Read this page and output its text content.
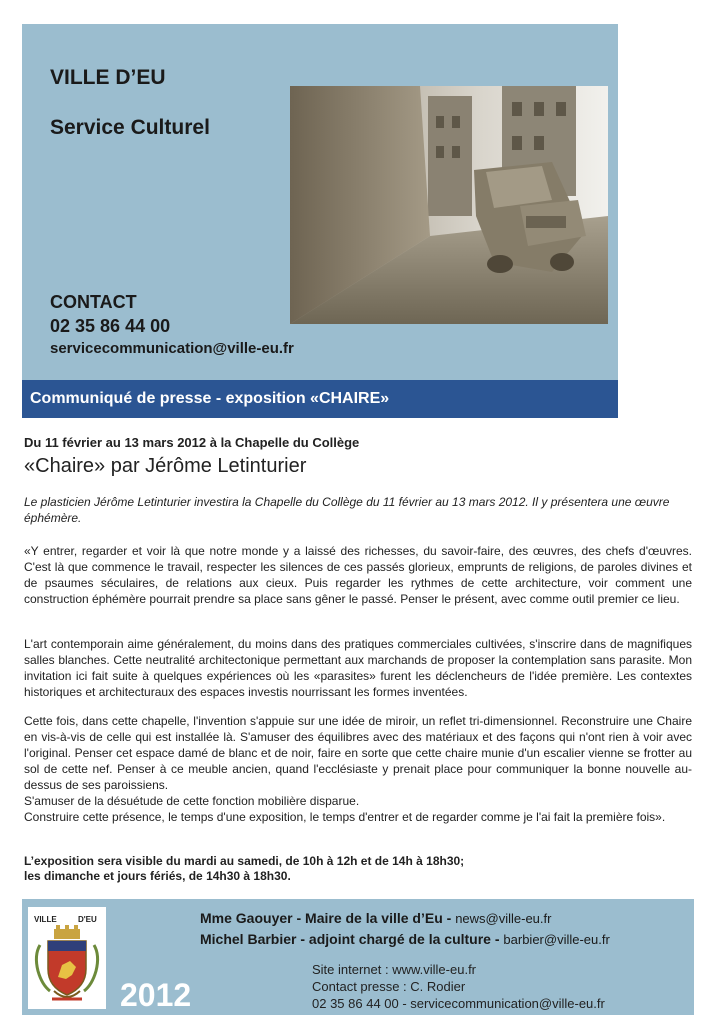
VILLE D’EU
Service Culturel
CONTACT
02 35 86 44 00
servicecommunication@ville-eu.fr
Communiqué de presse - exposition «CHAIRE»
Du 11 février au 13 mars 2012 à la Chapelle du Collège
«Chaire» par Jérôme Letinturier
Le plasticien Jérôme Letinturier investira la Chapelle du Collège du 11 février au 13 mars 2012. Il y présentera une œuvre éphémère.
«Y entrer, regarder et voir là que notre monde y a laissé des richesses, du savoir-faire, des œuvres, des chefs d'œuvres. C'est là que commence le travail, respecter les silences de ces passés glorieux, emprunts de religions, de paroles divines et de psaumes séculaires, de relations aux cieux. Puis regarder les rythmes de cette architecture, voir comment une construction éphémère pourrait prendre sa place sans gêner le passé. Penser le présent, avec comme outil premier ce lieu.
L'art contemporain aime généralement, du moins dans des pratiques commerciales cultivées, s'inscrire dans de magnifiques salles blanches. Cette neutralité architectonique permettant aux marchands de proposer la contemplation sans parasite. Mon invitation ici fait suite à quelques expériences où les «parasites» furent les déclencheurs de l'idée première. Les contextes historiques et architecturaux des espaces investis nourrissant les formes inventées.
Cette fois, dans cette chapelle, l'invention s'appuie sur une idée de miroir, un reflet tri-dimensionnel. Reconstruire une Chaire en vis-à-vis de celle qui est installée là. S'amuser des équilibres avec des matériaux et des façons qui n'ont rien à voir avec l'original. Penser cet espace damé de blanc et de noir, faire en sorte que cette chaire munie d'un escalier vienne se frotter au sol de cette nef. Penser à ce meuble ancien, quand l'ecclésiaste y prenait place pour communiquer la bonne nouvelle au-dessus de ses paroissiens.
S'amuser de la désuétude de cette fonction mobilière disparue.
Construire cette présence, le temps d'une exposition, le temps d'entrer et de regarder comme je l'ai fait la première fois».
L’exposition sera visible du mardi au samedi, de 10h à 12h et de 14h à 18h30;
les dimanche et jours fériés, de 14h30 à 18h30.
VILLE	D'EU
2012
Mme Gaouyer - Maire de la ville d’Eu - news@ville-eu.fr
Michel Barbier - adjoint chargé de la culture - barbier@ville-eu.fr
Site internet : www.ville-eu.fr
Contact presse : C. Rodier
02 35 86 44 00 - servicecommunication@ville-eu.fr
